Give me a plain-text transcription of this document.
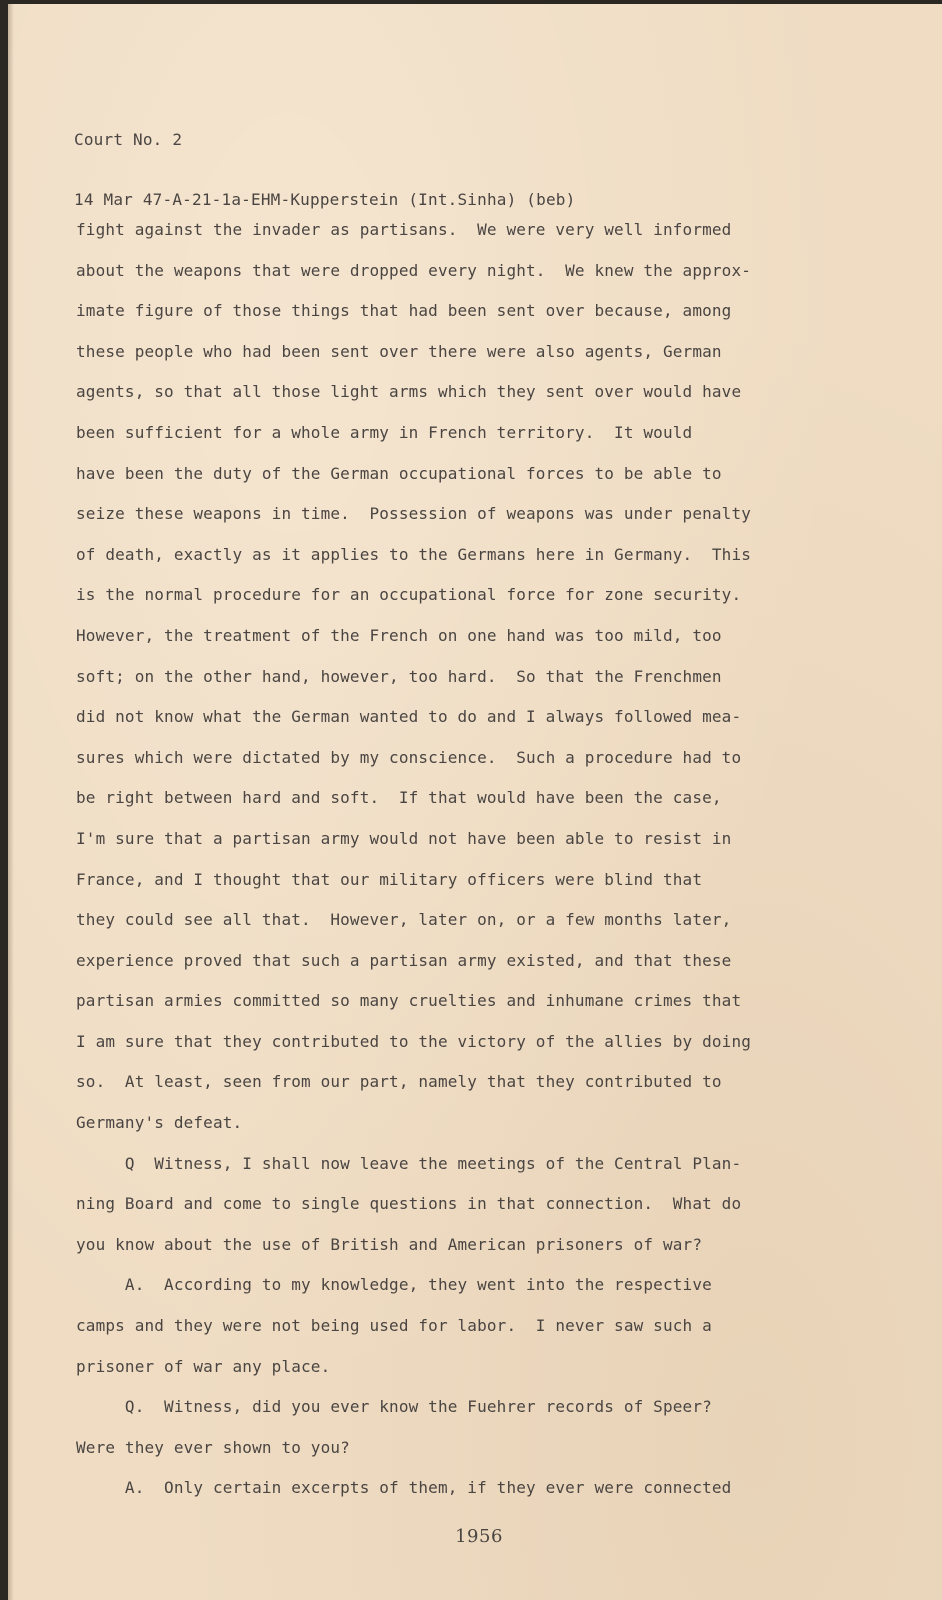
Court No. 2

14 Mar 47-A-21-1a-EHM-Kupperstein (Int.Sinha) (beb)

fight against the invader as partisans.  We were very well informed
about the weapons that were dropped every night.  We knew the approx-
imate figure of those things that had been sent over because, among
these people who had been sent over there were also agents, German
agents, so that all those light arms which they sent over would have
been sufficient for a whole army in French territory.  It would
have been the duty of the German occupational forces to be able to
seize these weapons in time.  Possession of weapons was under penalty
of death, exactly as it applies to the Germans here in Germany.  This
is the normal procedure for an occupational force for zone security.
However, the treatment of the French on one hand was too mild, too
soft; on the other hand, however, too hard.  So that the Frenchmen
did not know what the German wanted to do and I always followed mea-
sures which were dictated by my conscience.  Such a procedure had to
be right between hard and soft.  If that would have been the case,
I'm sure that a partisan army would not have been able to resist in
France, and I thought that our military officers were blind that
they could see all that.  However, later on, or a few months later,
experience proved that such a partisan army existed, and that these
partisan armies committed so many cruelties and inhumane crimes that
I am sure that they contributed to the victory of the allies by doing
so.  At least, seen from our part, namely that they contributed to
Germany's defeat.
Q  Witness, I shall now leave the meetings of the Central Plan-
ning Board and come to single questions in that connection.  What do
you know about the use of British and American prisoners of war?
A.  According to my knowledge, they went into the respective
camps and they were not being used for labor.  I never saw such a
prisoner of war any place.
Q.  Witness, did you ever know the Fuehrer records of Speer?
Were they ever shown to you?
A.  Only certain excerpts of them, if they ever were connected
1956
